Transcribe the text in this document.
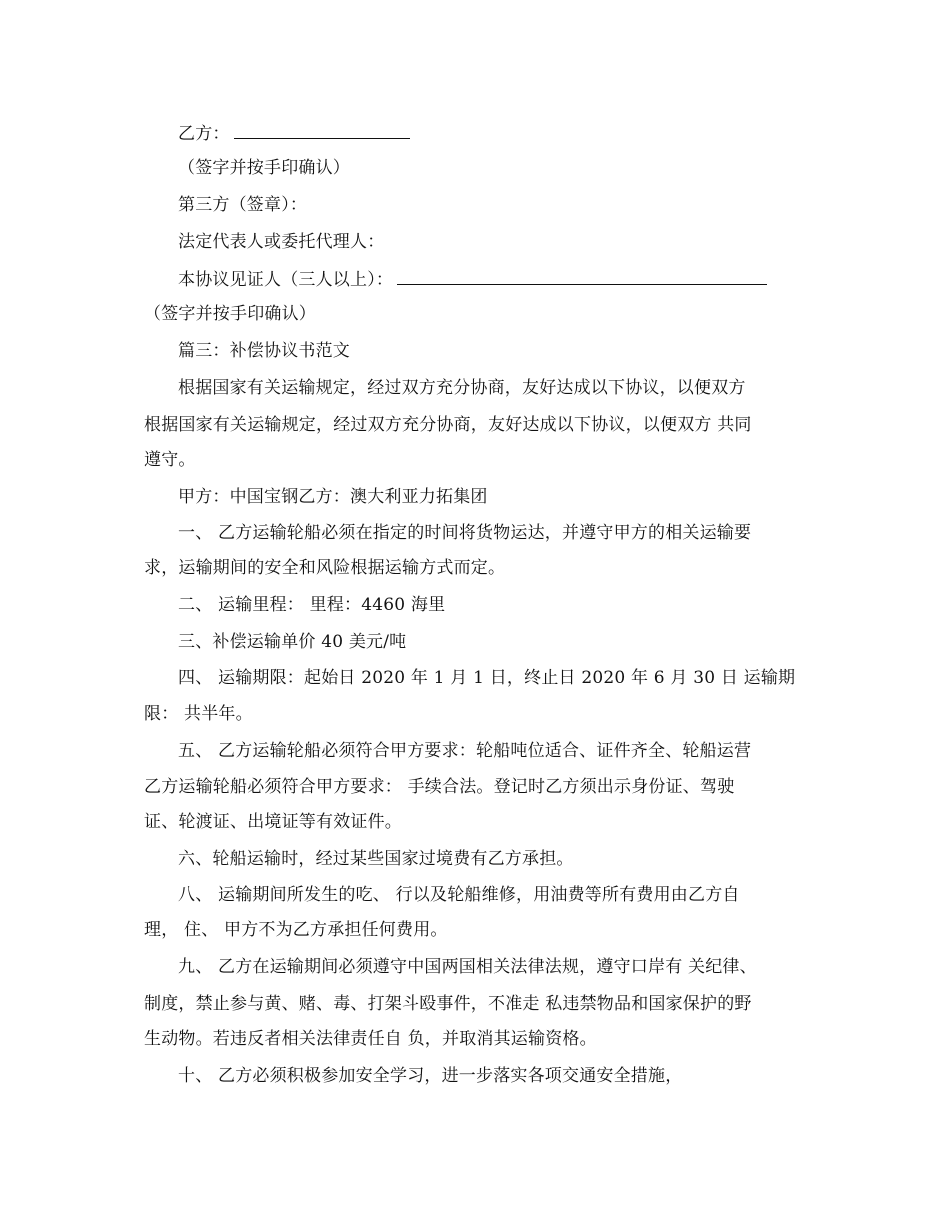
乙方：
（签字并按手印确认）
第三方（签章）：
法定代表人或委托代理人：
本协议见证人（三人以上）：
（签字并按手印确认）
篇三：补偿协议书范文
根据国家有关运输规定，经过双方充分协商，友好达成以下协议，以便双方
根据国家有关运输规定，经过双方充分协商，友好达成以下协议，以便双方 共同
遵守。
甲方：中国宝钢乙方：澳大利亚力拓集团
一、 乙方运输轮船必须在指定的时间将货物运达，并遵守甲方的相关运输要
求，运输期间的安全和风险根据运输方式而定。
二、 运输里程： 里程：4460 海里
三、补偿运输单价 40 美元/吨
四、 运输期限：起始日 2020 年 1 月 1 日，终止日 2020 年 6 月 30 日 运输期
限： 共半年。
五、 乙方运输轮船必须符合甲方要求：轮船吨位适合、证件齐全、轮船运营
乙方运输轮船必须符合甲方要求： 手续合法。登记时乙方须出示身份证、驾驶
证、轮渡证、出境证等有效证件。
六、轮船运输时，经过某些国家过境费有乙方承担。
八、 运输期间所发生的吃、 行以及轮船维修，用油费等所有费用由乙方自
理， 住、 甲方不为乙方承担任何费用。
九、 乙方在运输期间必须遵守中国两国相关法律法规，遵守口岸有 关纪律、
制度，禁止参与黄、赌、毒、打架斗殴事件，不准走 私违禁物品和国家保护的野
生动物。若违反者相关法律责任自 负，并取消其运输资格。
十、 乙方必须积极参加安全学习，进一步落实各项交通安全措施，
